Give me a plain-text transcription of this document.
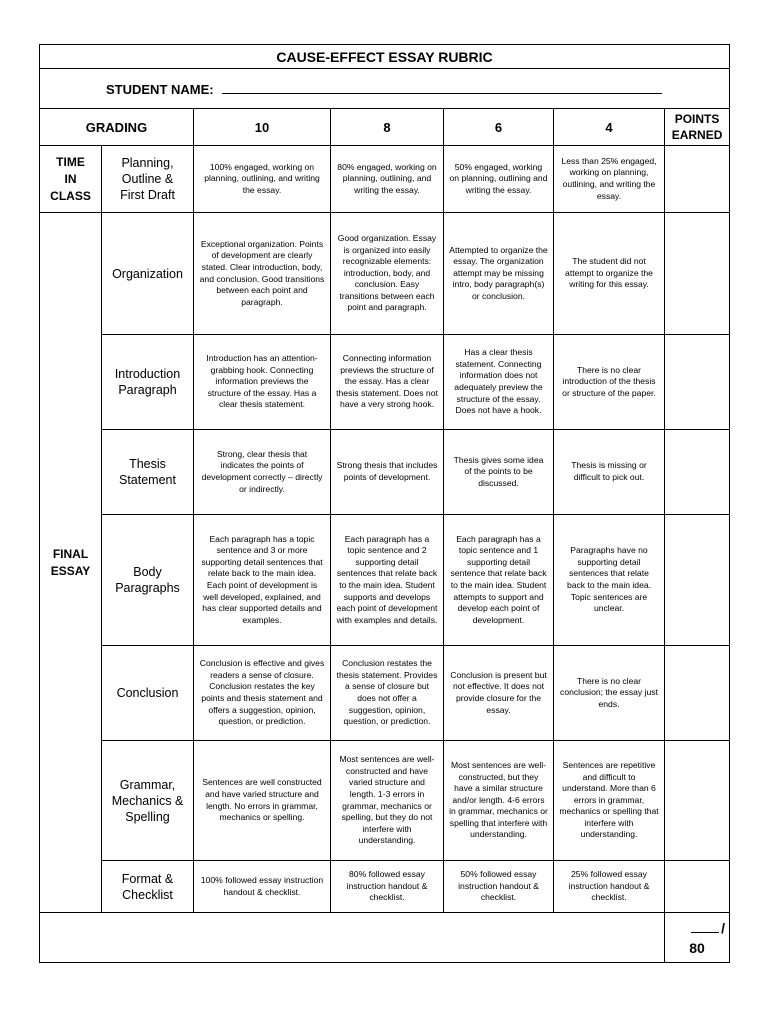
CAUSE-EFFECT ESSAY RUBRIC						
STUDENT NAME:						
GRADING		10	8	6	4	POINTS
EARNED
TIME
IN
CLASS	Planning,
Outline &
First Draft	100% engaged, working on planning, outlining, and writing the essay.	80% engaged, working on planning, outlining, and writing the essay.	50% engaged, working on planning, outlining and writing the essay.	Less than 25% engaged, working on planning, outlining, and writing the essay.	
FINAL
ESSAY	Organization	Exceptional organization. Points of development are clearly stated. Clear introduction, body, and conclusion. Good transitions between each point and paragraph.	Good organization. Essay is organized into easily recognizable elements: introduction, body, and conclusion. Easy transitions between each point and paragraph.	Attempted to organize the essay. The organization attempt may be missing intro, body paragraph(s) or conclusion.	The student did not attempt to organize the writing for this essay.	
	Introduction
Paragraph	Introduction has an attention-grabbing hook. Connecting information previews the structure of the essay. Has a clear thesis statement.	Connecting information previews the structure of the essay. Has a clear thesis statement. Does not have a very strong hook.	Has a clear thesis statement. Connecting information does not adequately preview the structure of the essay. Does not have a hook.	There is no clear introduction of the thesis or structure of the paper.	
	Thesis
Statement	Strong, clear thesis that indicates the points of development correctly – directly or indirectly.	Strong thesis that includes points of development.	Thesis gives some idea of the points to be discussed.	Thesis is missing or difficult to pick out.	
	Body
Paragraphs	Each paragraph has a topic sentence and 3 or more supporting detail sentences that relate back to the main idea. Each point of development is well developed, explained, and has clear supported details and examples.	Each paragraph has a topic sentence and 2 supporting detail sentences that relate back to the main idea. Student supports and develops each point of development with examples and details.	Each paragraph has a topic sentence and 1 supporting detail sentence that relate back to the main idea. Student attempts to support and develop each point of development.	Paragraphs have no supporting detail sentences that relate back to the main idea. Topic sentences are unclear.	
	Conclusion	Conclusion is effective and gives readers a sense of closure. Conclusion restates the key points and thesis statement and offers a suggestion, opinion, question, or prediction.	Conclusion restates the thesis statement. Provides a sense of closure but does not offer a suggestion, opinion, question, or prediction.	Conclusion is present but not effective. It does not provide closure for the essay.	There is no clear conclusion; the essay just ends.	
	Grammar,
Mechanics &
Spelling	Sentences are well constructed and have varied structure and length. No errors in grammar, mechanics or spelling.	Most sentences are well-constructed and have varied structure and length. 1-3 errors in grammar, mechanics or spelling, but they do not interfere with understanding.	Most sentences are well-constructed, but they have a similar structure and/or length. 4-6 errors in grammar, mechanics or spelling that interfere with understanding.	Sentences are repetitive and difficult to understand. More than 6 errors in grammar, mechanics or spelling that interfere with understanding.	
	Format &
Checklist	100% followed essay instruction handout & checklist.	80% followed essay instruction handout & checklist.	50% followed essay instruction handout & checklist.	25% followed essay instruction handout & checklist.	
						/
80
